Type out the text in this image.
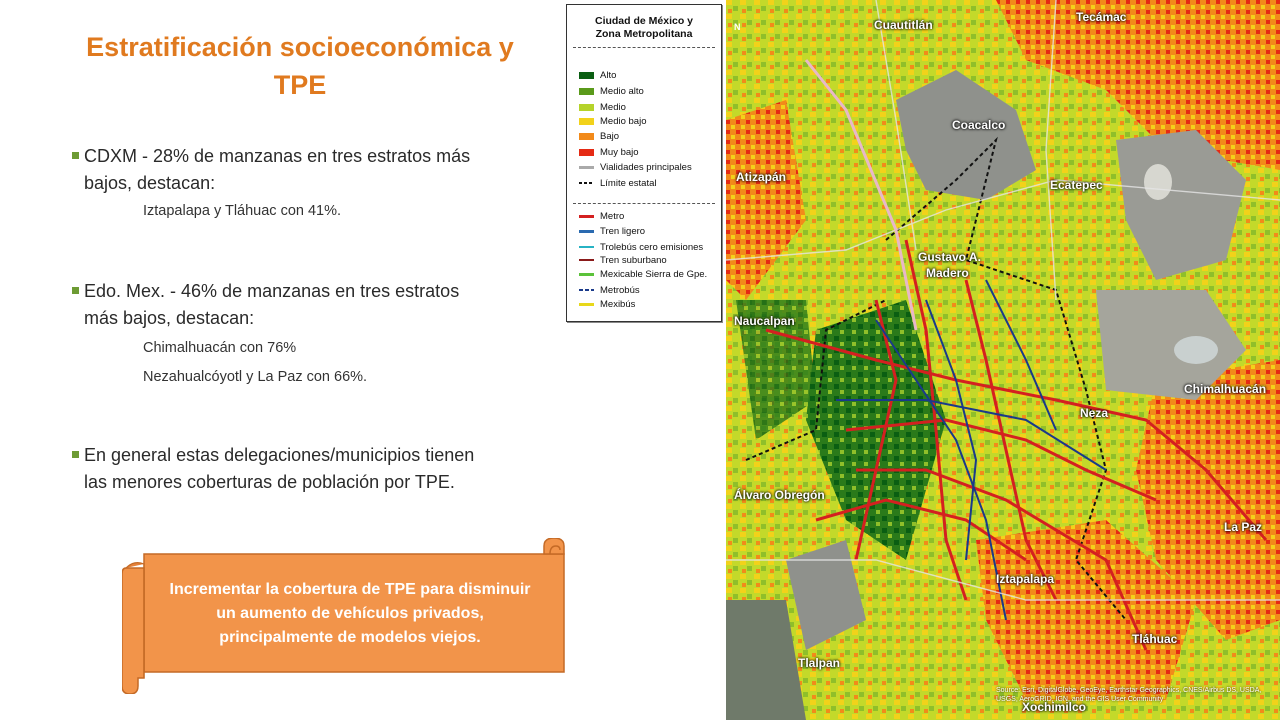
Estratificación socioeconómica y
TPE
CDXM - 28% de manzanas en tres estratos más
bajos, destacan:
Iztapalapa y Tláhuac con 41%.
Edo. Mex. - 46% de manzanas en tres estratos
más bajos, destacan:
Chimalhuacán con 76%
Nezahualcóyotl y La Paz con 66%.
En general estas delegaciones/municipios tienen
las menores coberturas de población por TPE.
Incrementar la cobertura de TPE para disminuir
un aumento de vehículos privados,
principalmente de modelos viejos.
N	Cuautitlán
Tecámac
Coacalco
Atizapán
Ecatepec
Gustavo A.
Madero
Naucalpan
Chimalhuacán
Neza
Álvaro Obregón
La Paz
Iztapalapa
Tláhuac
Tlalpan
Xochimilco
Source: Esri, DigitalGlobe, GeoEye, Earthstar Geographics, CNES/Airbus DS, USDA, USGS, AeroGRID, IGN, and the GIS User Community
Ciudad de México y
Zona Metropolitana
Alto
Medio alto
Medio
Medio bajo
Bajo
Muy bajo
Vialidades principales
Límite estatal
Metro
Tren ligero
Trolebús cero emisiones
Tren suburbano
Mexicable Sierra de Gpe.
Metrobús
Mexibús
